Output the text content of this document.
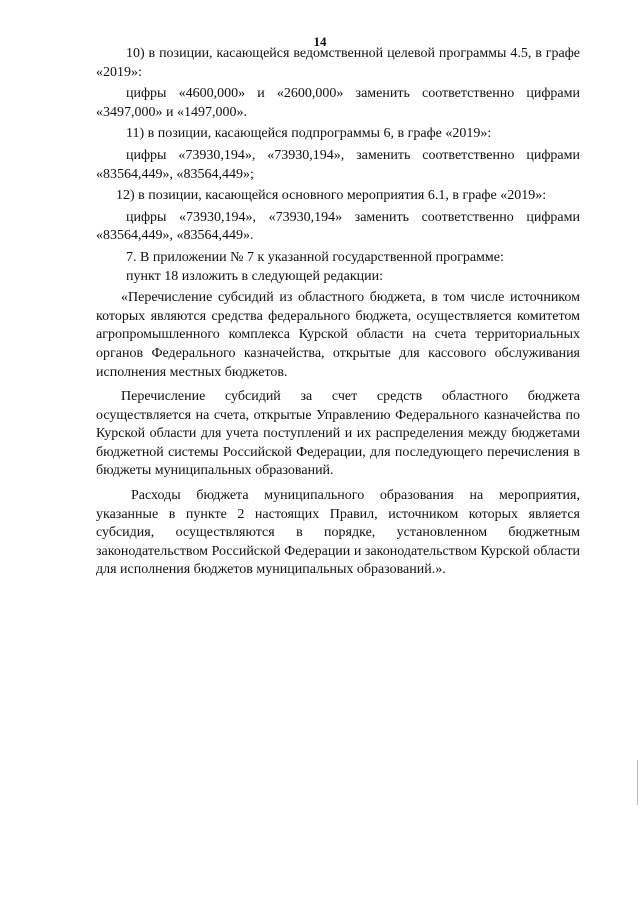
14

10) в позиции, касающейся ведомственной целевой программы 4.5, в графе «2019»:

цифры «4600,000» и «2600,000» заменить соответственно цифрами «3497,000» и «1497,000».

11) в позиции, касающейся подпрограммы 6, в графе «2019»:

цифры «73930,194», «73930,194», заменить соответственно цифрами «83564,449», «83564,449»;

12) в позиции, касающейся основного мероприятия 6.1, в графе «2019»:

цифры «73930,194», «73930,194» заменить соответственно цифрами «83564,449», «83564,449».

7. В приложении № 7 к указанной государственной программе:

пункт 18 изложить в следующей редакции:

«Перечисление субсидий из областного бюджета, в том числе источником которых являются средства федерального бюджета, осуществляется комитетом агропромышленного комплекса Курской области на счета территориальных органов Федерального казначейства, открытые для кассового обслуживания исполнения местных бюджетов.

Перечисление субсидий за счет средств областного бюджета осуществляется на счета, открытые Управлению Федерального казначейства по Курской области для учета поступлений и их распределения между бюджетами бюджетной системы Российской Федерации, для последующего перечисления в бюджеты муниципальных образований.

Расходы бюджета муниципального образования на мероприятия, указанные в пункте 2 настоящих Правил, источником которых является субсидия, осуществляются в порядке, установленном бюджетным законодательством Российской Федерации и законодательством Курской области для исполнения бюджетов муниципальных образований.».
